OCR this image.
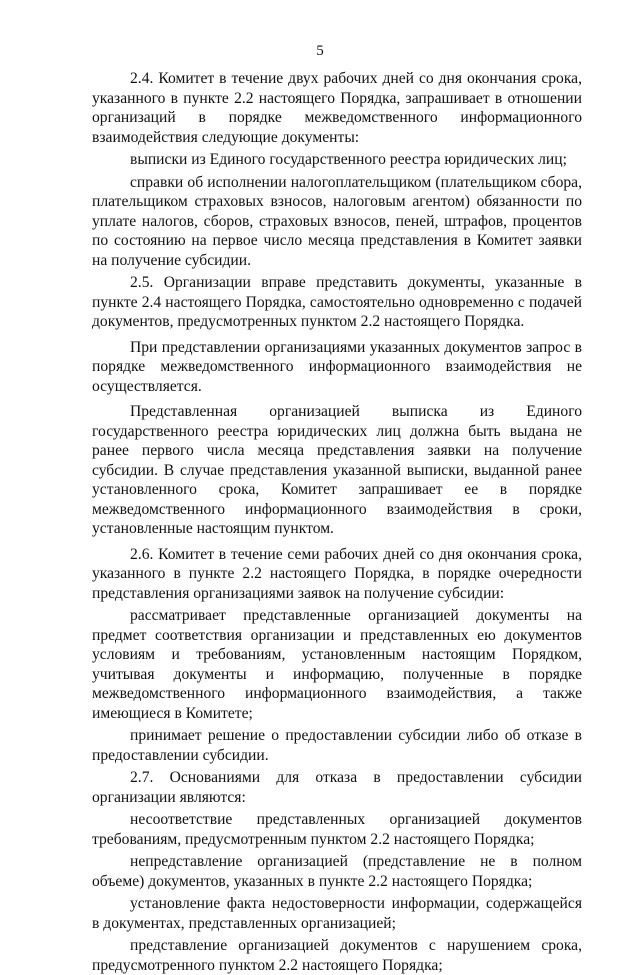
5

2.4. Комитет в течение двух рабочих дней со дня окончания срока, указанного в пункте 2.2 настоящего Порядка, запрашивает в отношении организаций в порядке межведомственного информационного взаимодействия следующие документы:

выписки из Единого государственного реестра юридических лиц;

справки об исполнении налогоплательщиком (плательщиком сбора, плательщиком страховых взносов, налоговым агентом) обязанности по уплате налогов, сборов, страховых взносов, пеней, штрафов, процентов по состоянию на первое число месяца представления в Комитет заявки на получение субсидии.

2.5. Организации вправе представить документы, указанные в пункте 2.4 настоящего Порядка, самостоятельно одновременно с подачей документов, предусмотренных пунктом 2.2 настоящего Порядка.

При представлении организациями указанных документов запрос в порядке межведомственного информационного взаимодействия не осуществляется.

Представленная организацией выписка из Единого государственного реестра юридических лиц должна быть выдана не ранее первого числа месяца представления заявки на получение субсидии. В случае представления указанной выписки, выданной ранее установленного срока, Комитет запрашивает ее в порядке межведомственного информационного взаимодействия в сроки, установленные настоящим пунктом.

2.6. Комитет в течение семи рабочих дней со дня окончания срока, указанного в пункте 2.2 настоящего Порядка, в порядке очередности представления организациями заявок на получение субсидии:

рассматривает представленные организацией документы на предмет соответствия организации и представленных ею документов условиям и требованиям, установленным настоящим Порядком, учитывая документы и информацию, полученные в порядке межведомственного информационного взаимодействия, а также имеющиеся в Комитете;

принимает решение о предоставлении субсидии либо об отказе в предоставлении субсидии.

2.7. Основаниями для отказа в предоставлении субсидии организации являются:

несоответствие представленных организацией документов требованиям, предусмотренным пунктом 2.2 настоящего Порядка;

непредставление организацией (представление не в полном объеме) документов, указанных в пункте 2.2 настоящего Порядка;

установление факта недостоверности информации, содержащейся в документах, представленных организацией;

представление организацией документов с нарушением срока, предусмотренного пунктом 2.2 настоящего Порядка;
